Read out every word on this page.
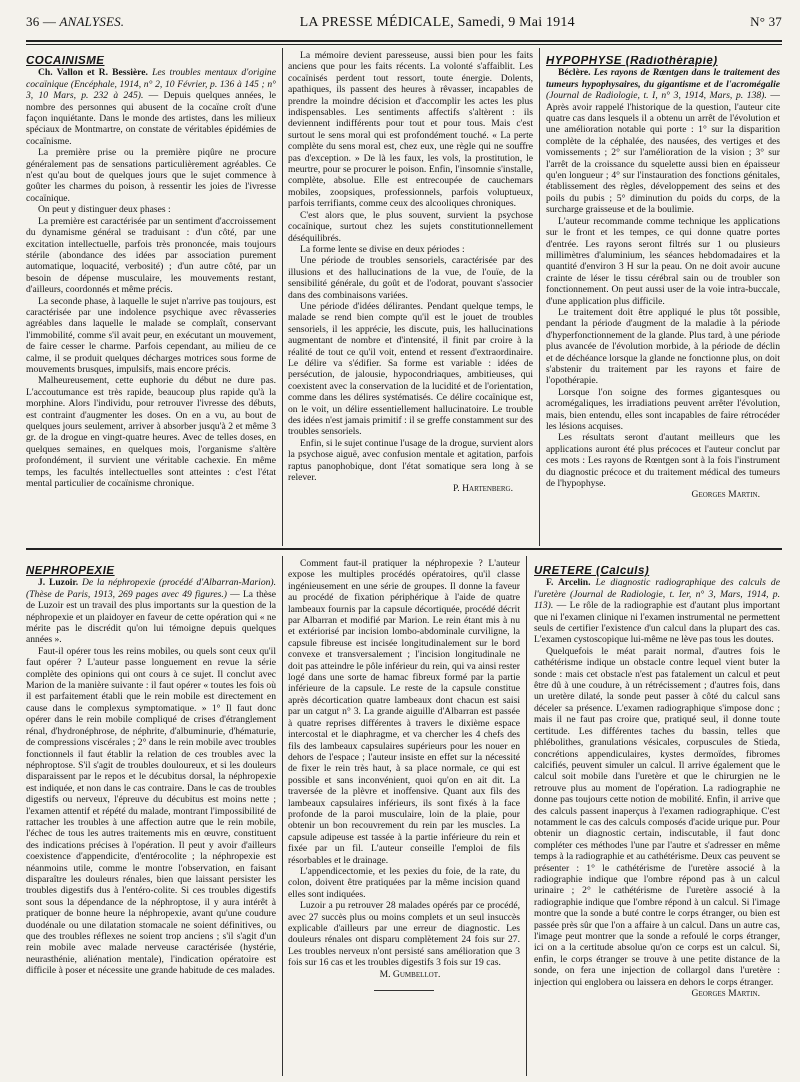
36 — ANALYSES.	LA PRESSE MÉDICALE, Samedi, 9 Mai 1914	N° 37

COCAINISME

Ch. Vallon et R. Bessière. Les troubles mentaux d'origine cocaïnique (Encéphale, 1914, n° 2, 10 Février, p. 136 à 145 ; n° 3, 10 Mars, p. 232 à 245). — Depuis quelques années, le nombre des personnes qui abusent de la cocaïne croît d'une façon inquiétante. Dans le monde des artistes, dans les milieux spéciaux de Montmartre, on constate de véritables épidémies de cocaïnisme.

La première prise ou la première piqûre ne procure généralement pas de sensations particulièrement agréables. Ce n'est qu'au bout de quelques jours que le sujet commence à goûter les charmes du poison, à ressentir les joies de l'ivresse cocaïnique.

On peut y distinguer deux phases :

La première est caractérisée par un sentiment d'accroissement du dynamisme général se traduisant : d'un côté, par une excitation intellectuelle, parfois très prononcée, mais toujours stérile (abondance des idées par association purement automatique, loquacité, verbosité) ; d'un autre côté, par un besoin de dépense musculaire, les mouvements restant, d'ailleurs, coordonnés et même précis.

La seconde phase, à laquelle le sujet n'arrive pas toujours, est caractérisée par une indolence psychique avec rêvasseries agréables dans laquelle le malade se complaît, conservant l'immobilité, comme s'il avait peur, en exécutant un mouvement, de faire cesser le charme. Parfois cependant, au milieu de ce calme, il se produit quelques décharges motrices sous forme de mouvements brusques, impulsifs, mais encore précis.

Malheureusement, cette euphorie du début ne dure pas. L'accoutumance est très rapide, beaucoup plus rapide qu'à la morphine. Alors l'individu, pour retrouver l'ivresse des débuts, est contraint d'augmenter les doses. On en a vu, au bout de quelques jours seulement, arriver à absorber jusqu'à 2 et même 3 gr. de la drogue en vingt-quatre heures. Avec de telles doses, en quelques semaines, en quelques mois, l'organisme s'altère profondément, il survient une véritable cachexie. En même temps, les facultés intellectuelles sont atteintes : c'est l'état mental particulier de cocaïnisme chronique.

La mémoire devient paresseuse, aussi bien pour les faits anciens que pour les faits récents. La volonté s'affaiblit. Les cocaïnisés perdent tout ressort, toute énergie. Dolents, apathiques, ils passent des heures à rêvasser, incapables de prendre la moindre décision et d'accomplir les actes les plus indispensables. Les sentiments affectifs s'altèrent : ils deviennent indifférents pour tout et pour tous. Mais c'est surtout le sens moral qui est profondément touché. « La perte complète du sens moral est, chez eux, une règle qui ne souffre pas d'exception. » De là les faux, les vols, la prostitution, le meurtre, pour se procurer le poison. Enfin, l'insomnie s'installe, complète, absolue. Elle est entrecoupée de cauchemars mobiles, zoopsiques, professionnels, parfois voluptueux, parfois terrifiants, comme ceux des alcooliques chroniques.

C'est alors que, le plus souvent, survient la psychose cocaïnique, surtout chez les sujets constitutionnellement déséquilibrés.

La forme lente se divise en deux périodes :

Une période de troubles sensoriels, caractérisée par des illusions et des hallucinations de la vue, de l'ouïe, de la sensibilité générale, du goût et de l'odorat, pouvant s'associer dans des combinaisons variées.

Une période d'idées délirantes. Pendant quelque temps, le malade se rend bien compte qu'il est le jouet de troubles sensoriels, il les apprécie, les discute, puis, les hallucinations augmentant de nombre et d'intensité, il finit par croire à la réalité de tout ce qu'il voit, entend et ressent d'extraordinaire. Le délire va s'édifier. Sa forme est variable : idées de persécution, de jalousie, hypocondriaques, ambitieuses, qui coexistent avec la conservation de la lucidité et de l'orientation, comme dans les délires systématisés. Ce délire cocaïnique est, on le voit, un délire essentiellement hallucinatoire. Le trouble des idées n'est jamais primitif : il se greffe constamment sur des troubles sensoriels.

Enfin, si le sujet continue l'usage de la drogue, survient alors la psychose aiguë, avec confusion mentale et agitation, parfois raptus panophobique, dont l'état somatique sera long à se relever.

P. Hartenberg.

HYPOPHYSE (Radiothérapie)

Béclère. Les rayons de Rœntgen dans le traitement des tumeurs hypophysaires, du gigantisme et de l'acromégalie (Journal de Radiologie, t. I, n° 3, 1914, Mars, p. 138). — Après avoir rappelé l'historique de la question, l'auteur cite quatre cas dans lesquels il a obtenu un arrêt de l'évolution et une amélioration notable qui porte : 1° sur la disparition complète de la céphalée, des nausées, des vertiges et des vomissements ; 2° sur l'amélioration de la vision ; 3° sur l'arrêt de la croissance du squelette aussi bien en épaisseur qu'en longueur ; 4° sur l'instauration des fonctions génitales, établissement des règles, développement des seins et des poils du pubis ; 5° diminution du poids du corps, de la surcharge graisseuse et de la boulimie.

L'auteur recommande comme technique les applications sur le front et les tempes, ce qui donne quatre portes d'entrée. Les rayons seront filtrés sur 1 ou plusieurs millimètres d'aluminium, les séances hebdomadaires et la quantité d'environ 3 H sur la peau. On ne doit avoir aucune crainte de léser le tissu cérébral sain ou de troubler son fonctionnement. On peut aussi user de la voie intra-buccale, d'une application plus difficile.

Le traitement doit être appliqué le plus tôt possible, pendant la période d'augment de la maladie à la période d'hyperfonctionnement de la glande. Plus tard, à une période plus avancée de l'évolution morbide, à la période de déclin et de déchéance lorsque la glande ne fonctionne plus, on doit s'abstenir du traitement par les rayons et faire de l'opothérapie.

Lorsque l'on soigne des formes gigantesques ou acromégaliques, les irradiations peuvent arrêter l'évolution, mais, bien entendu, elles sont incapables de faire rétrocéder les lésions acquises.

Les résultats seront d'autant meilleurs que les applications auront été plus précoces et l'auteur conclut par ces mots : Les rayons de Rœntgen sont à la fois l'instrument du diagnostic précoce et du traitement médical des tumeurs de l'hypophyse.

Georges Martin.

NÉPHROPEXIE

J. Luzoir. De la néphropexie (procédé d'Albarran-Marion). (Thèse de Paris, 1913, 269 pages avec 49 figures.) — La thèse de Luzoir est un travail des plus importants sur la question de la néphropexie et un plaidoyer en faveur de cette opération qui « ne mérite pas le discrédit qu'on lui témoigne depuis quelques années ».

Faut-il opérer tous les reins mobiles, ou quels sont ceux qu'il faut opérer ? L'auteur passe longuement en revue la série complète des opinions qui ont cours à ce sujet. Il conclut avec Marion de la manière suivante : il faut opérer « toutes les fois où il est parfaitement établi que le rein mobile est directement en cause dans le complexus symptomatique. » 1° Il faut donc opérer dans le rein mobile compliqué de crises d'étranglement rénal, d'hydronéphrose, de néphrite, d'albuminurie, d'hématurie, de compressions viscérales ; 2° dans le rein mobile avec troubles fonctionnels il faut établir la relation de ces troubles avec la néphroptose. S'il s'agit de troubles douloureux, et si les douleurs disparaissent par le repos et le décubitus dorsal, la néphropexie est indiquée, et non dans le cas contraire. Dans le cas de troubles digestifs ou nerveux, l'épreuve du décubitus est moins nette ; l'examen attentif et répété du malade, montrant l'impossibilité de rattacher les troubles à une affection autre que le rein mobile, l'échec de tous les autres traitements mis en œuvre, constituent des indications précises à l'opération. Il peut y avoir d'ailleurs coexistence d'appendicite, d'entérocolite ; la néphropexie est néanmoins utile, comme le montre l'observation, en faisant disparaître les douleurs rénales, bien que laissant persister les troubles digestifs dus à l'entéro-colite. Si ces troubles digestifs sont sous la dépendance de la néphroptose, il y aura intérêt à pratiquer de bonne heure la néphropexie, avant qu'une coudure duodénale ou une dilatation stomacale ne soient définitives, ou que des troubles réflexes ne soient trop anciens ; s'il s'agit d'un rein mobile avec malade nerveuse caractérisée (hystérie, neurasthénie, aliénation mentale), l'indication opératoire est difficile à poser et nécessite une grande habitude de ces malades.

Comment faut-il pratiquer la néphropexie ? L'auteur expose les multiples procédés opératoires, qu'il classe ingénieusement en une série de groupes. Il donne la faveur au procédé de fixation périphérique à l'aide de quatre lambeaux fournis par la capsule décortiquée, procédé décrit par Albarran et modifié par Marion. Le rein étant mis à nu et extériorisé par incision lombo-abdominale curviligne, la capsule fibreuse est incisée longitudinalement sur le bord convexe et transversalement ; l'incision longitudinale ne doit pas atteindre le pôle inférieur du rein, qui va ainsi rester logé dans une sorte de hamac fibreux formé par la partie inférieure de la capsule. Le reste de la capsule constitue après décortication quatre lambeaux dont chacun est saisi par un catgut n° 3. La grande aiguille d'Albarran est passée à quatre reprises différentes à travers le dixième espace intercostal et le diaphragme, et va chercher les 4 chefs des fils des lambeaux capsulaires supérieurs pour les nouer en dehors de l'espace ; l'auteur insiste en effet sur la nécessité de fixer le rein très haut, à sa place normale, ce qui est possible et sans inconvénient, quoi qu'on en ait dit. La traversée de la plèvre et inoffensive. Quant aux fils des lambeaux capsulaires inférieurs, ils sont fixés à la face profonde de la paroi musculaire, loin de la plaie, pour obtenir un bon recouvrement du rein par les muscles. La capsule adipeuse est tassée à la partie inférieure du rein et fixée par un fil. L'auteur conseille l'emploi de fils résorbables et le drainage.

L'appendicectomie, et les pexies du foie, de la rate, du colon, doivent être pratiquées par la même incision quand elles sont indiquées.

Luzoir a pu retrouver 28 malades opérés par ce procédé, avec 27 succès plus ou moins complets et un seul insuccès explicable d'ailleurs par une erreur de diagnostic. Les douleurs rénales ont disparu complètement 24 fois sur 27. Les troubles nerveux n'ont persisté sans amélioration que 3 fois sur 16 cas et les troubles digestifs 3 fois sur 19 cas.

M. Gumbellot.

URETÈRE (Calculs)

F. Arcelin. Le diagnostic radiographique des calculs de l'uretère (Journal de Radiologie, t. Ier, n° 3, Mars, 1914, p. 113). — Le rôle de la radiographie est d'autant plus important que ni l'examen clinique ni l'examen instrumental ne permettent seuls de certifier l'existence d'un calcul dans la plupart des cas. L'examen cystoscopique lui-même ne lève pas tous les doutes.

Quelquefois le méat parait normal, d'autres fois le cathétérisme indique un obstacle contre lequel vient buter la sonde : mais cet obstacle n'est pas fatalement un calcul et peut être dû à une coudure, à un rétrécissement ; d'autres fois, dans un uretère dilaté, la sonde peut passer à côté du calcul sans déceler sa présence. L'examen radiographique s'impose donc ; mais il ne faut pas croire que, pratiqué seul, il donne toute certitude. Les différentes taches du bassin, telles que phlébolithes, granulations vésicales, corpuscules de Stieda, concrétions appendiculaires, kystes dermoïdes, fibromes calcifiés, peuvent simuler un calcul. Il arrive également que le calcul soit mobile dans l'uretère et que le chirurgien ne le retrouve plus au moment de l'opération. La radiographie ne donne pas toujours cette notion de mobilité. Enfin, il arrive que des calculs passent inaperçus à l'examen radiographique. C'est notamment le cas des calculs composés d'acide urique pur. Pour obtenir un diagnostic certain, indiscutable, il faut donc compléter ces méthodes l'une par l'autre et s'adresser en même temps à la radiographie et au cathétérisme. Deux cas peuvent se présenter : 1° le cathétérisme de l'uretère associé à la radiographie indique que l'ombre répond pas à un calcul urinaire ; 2° le cathétérisme de l'uretère associé à la radiographie indique que l'ombre répond à un calcul. Si l'image montre que la sonde a buté contre le corps étranger, ou bien est passée près sûr que l'on a affaire à un calcul. Dans un autre cas, l'image peut montrer que la sonde a refoulé le corps étranger, ici on a la certitude absolue qu'on ce corps est un calcul. Si, enfin, le corps étranger se trouve à une petite distance de la sonde, on fera une injection de collargol dans l'uretère : injection qui englobera ou laissera en dehors le corps étranger.

Georges Martin.
